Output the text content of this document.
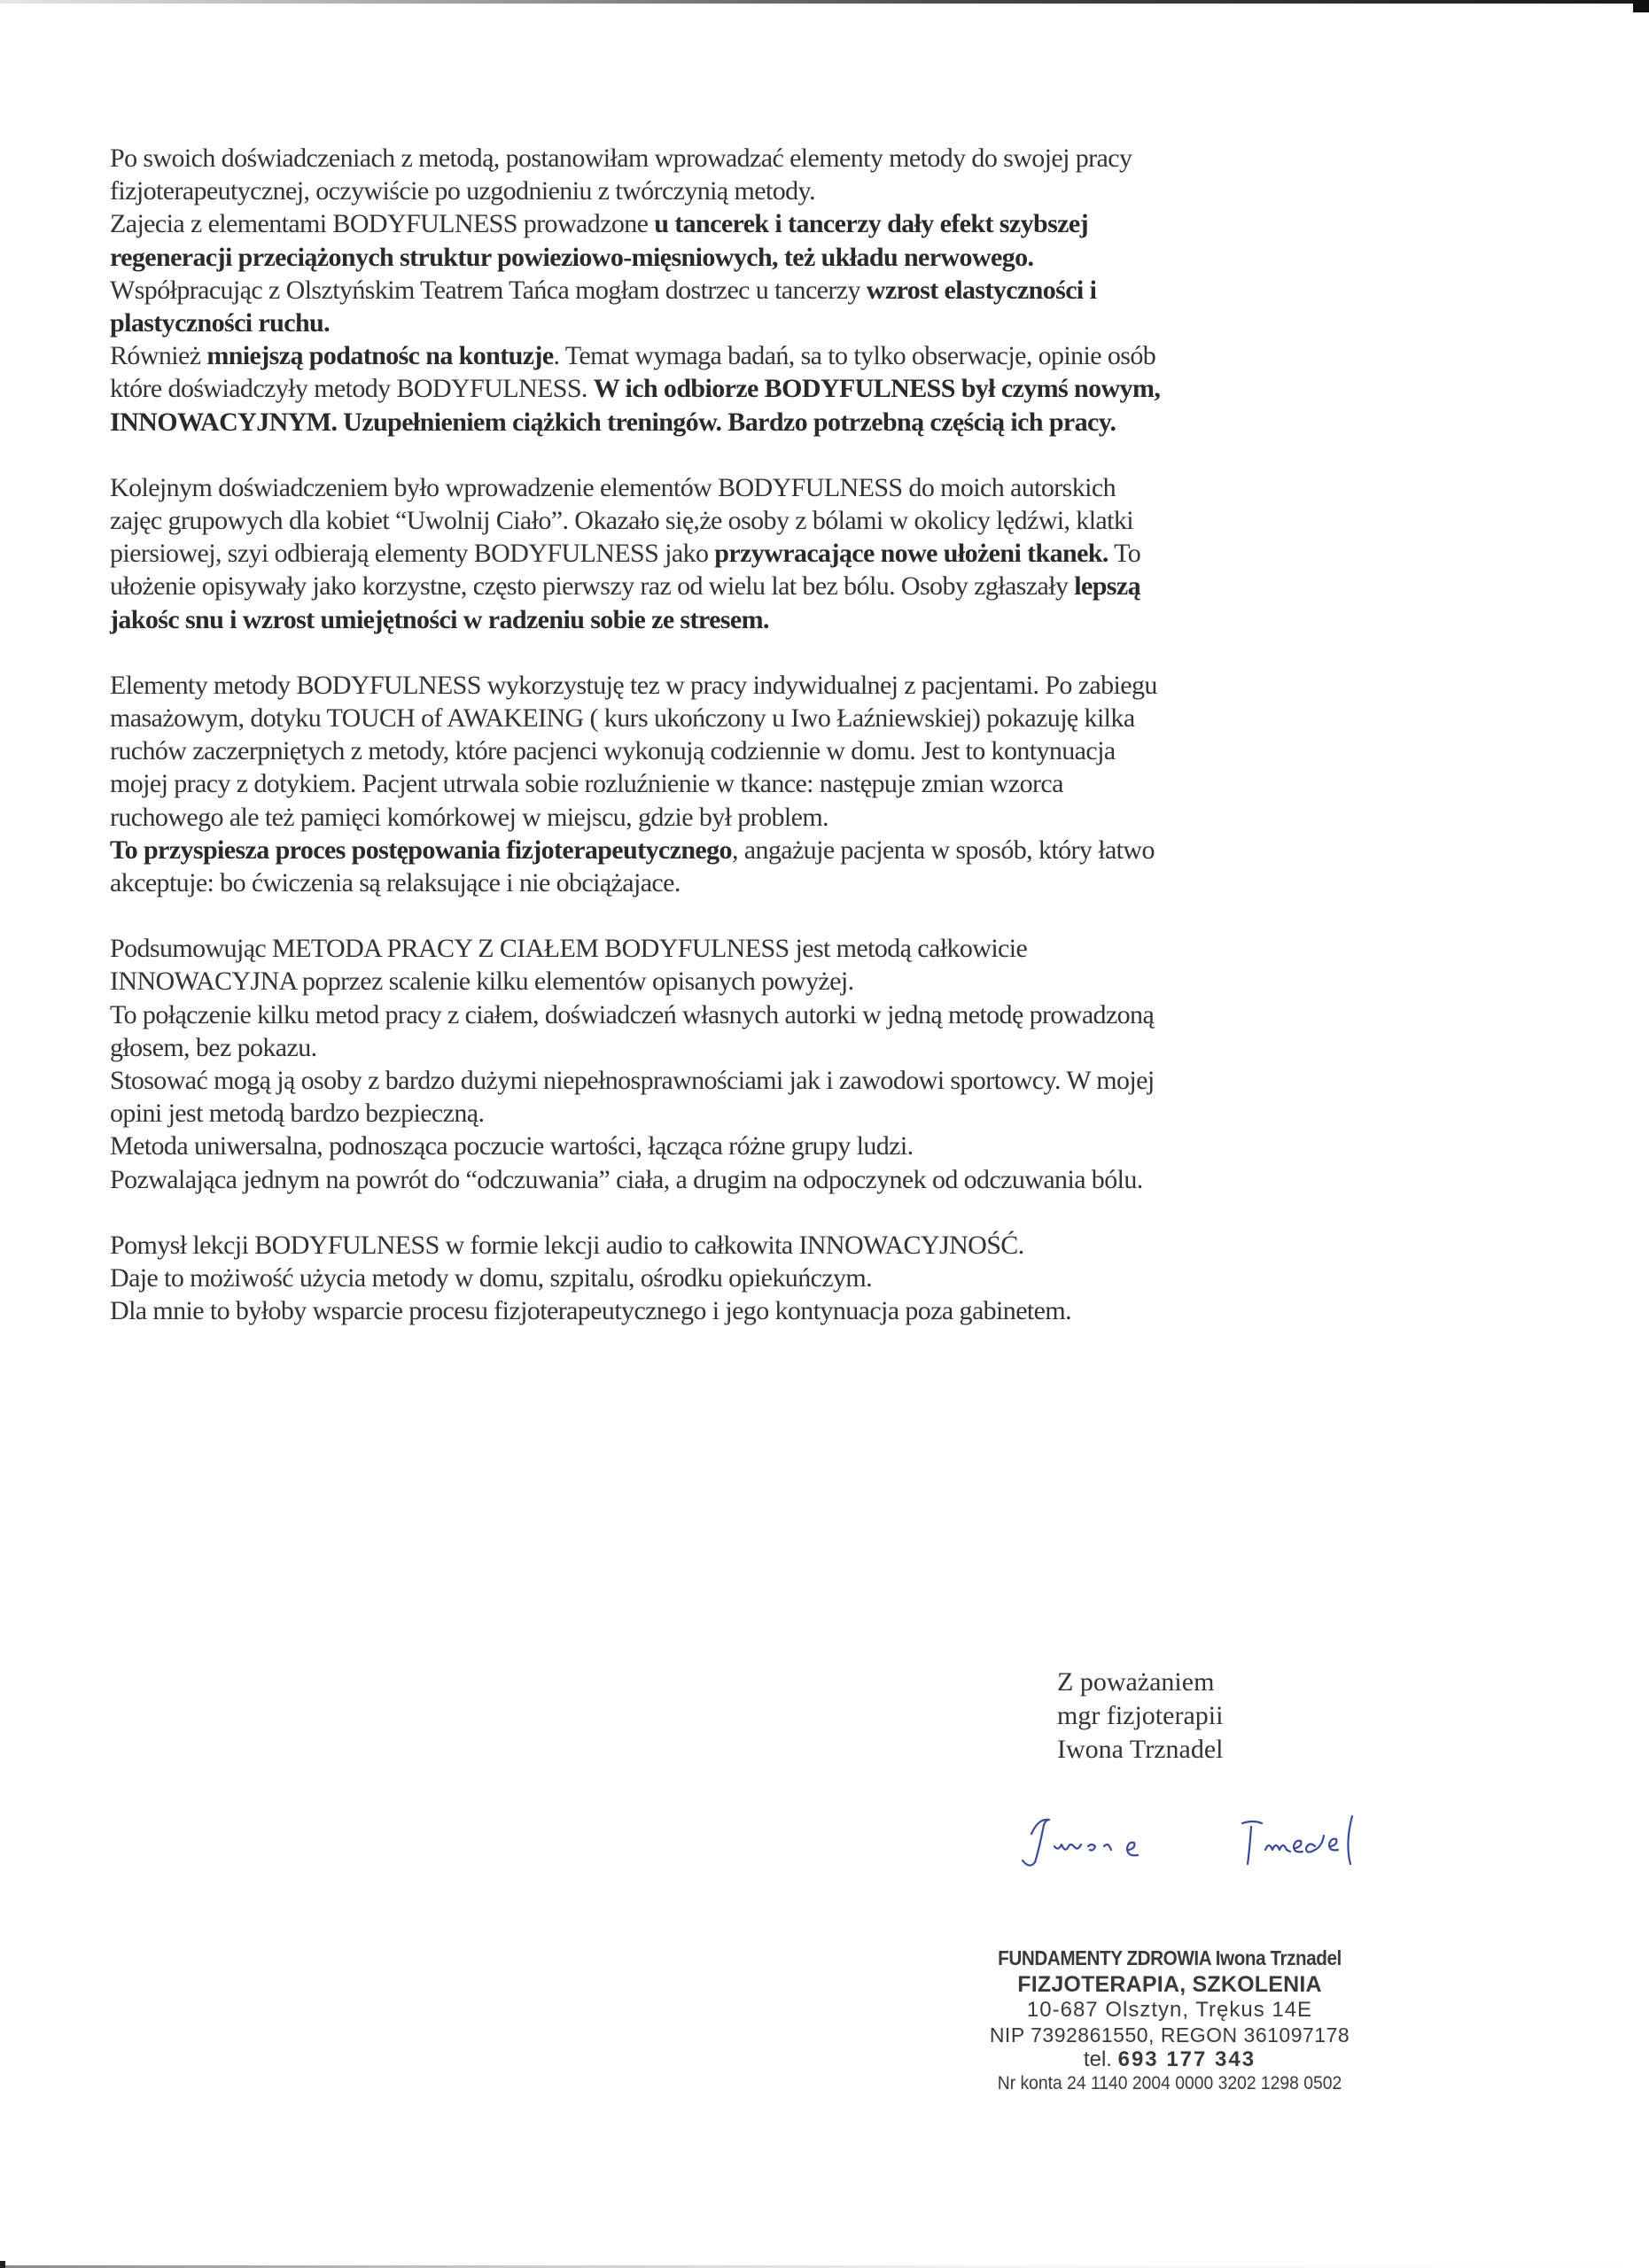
Po swoich doświadczeniach z metodą, postanowiłam wprowadzać elementy metody do swojej pracy
fizjoterapeutycznej, oczywiście po uzgodnieniu z twórczynią metody.
Zajecia z elementami BODYFULNESS prowadzone u tancerek i tancerzy dały efekt szybszej
regeneracji przeciążonych struktur powieziowo-mięsniowych, też układu nerwowego.
Współpracując z Olsztyńskim Teatrem Tańca mogłam dostrzec u tancerzy wzrost elastyczności i
plastyczności ruchu.
Również mniejszą podatnośc na kontuzje. Temat wymaga badań, sa to tylko obserwacje, opinie osób
które doświadczyły metody BODYFULNESS. W ich odbiorze BODYFULNESS był czymś nowym,
INNOWACYJNYM. Uzupełnieniem ciążkich treningów. Bardzo potrzebną częścią ich pracy.
Kolejnym doświadczeniem było wprowadzenie elementów BODYFULNESS do moich autorskich
zajęc grupowych dla kobiet “Uwolnij Ciało”. Okazało się,że osoby z bólami w okolicy lędźwi, klatki
piersiowej, szyi odbierają elementy BODYFULNESS jako przywracające nowe ułożeni tkanek. To
ułożenie opisywały jako korzystne, często pierwszy raz od wielu lat bez bólu. Osoby zgłaszały lepszą
jakośc snu i wzrost umiejętności w radzeniu sobie ze stresem.
Elementy metody BODYFULNESS wykorzystuję tez w pracy indywidualnej z pacjentami. Po zabiegu
masażowym, dotyku TOUCH of AWAKEING ( kurs ukończony u Iwo Łaźniewskiej) pokazuję kilka
ruchów zaczerpniętych z metody, które pacjenci wykonują codziennie w domu. Jest to kontynuacja
mojej pracy z dotykiem. Pacjent utrwala sobie rozluźnienie w tkance: następuje zmian wzorca
ruchowego ale też pamięci komórkowej w miejscu, gdzie był problem.
To przyspiesza proces postępowania fizjoterapeutycznego, angażuje pacjenta w sposób, który łatwo
akceptuje: bo ćwiczenia są relaksujące i nie obciążajace.
Podsumowując METODA PRACY Z CIAŁEM BODYFULNESS jest metodą całkowicie
INNOWACYJNA poprzez scalenie kilku elementów opisanych powyżej.
To połączenie kilku metod pracy z ciałem, doświadczeń własnych autorki w jedną metodę prowadzoną
głosem, bez pokazu.
Stosować mogą ją osoby z bardzo dużymi niepełnosprawnościami jak i zawodowi sportowcy. W mojej
opini jest metodą bardzo bezpieczną.
Metoda uniwersalna, podnosząca poczucie wartości, łącząca różne grupy ludzi.
Pozwalająca jednym na powrót do “odczuwania” ciała, a drugim na odpoczynek od odczuwania bólu.
Pomysł lekcji BODYFULNESS w formie lekcji audio to całkowita INNOWACYJNOŚĆ.
Daje to możiwość użycia metody w domu, szpitalu, ośrodku opiekuńczym.
Dla mnie to byłoby wsparcie procesu fizjoterapeutycznego i jego kontynuacja poza gabinetem.
Z poważaniem
mgr fizjoterapii
Iwona Trznadel
FUNDAMENTY ZDROWIA Iwona Trznadel
FIZJOTERAPIA, SZKOLENIA
10-687 Olsztyn, Trękus 14E
NIP 7392861550, REGON 361097178
tel. 693 177 343
Nr konta 24 1140 2004 0000 3202 1298 0502
